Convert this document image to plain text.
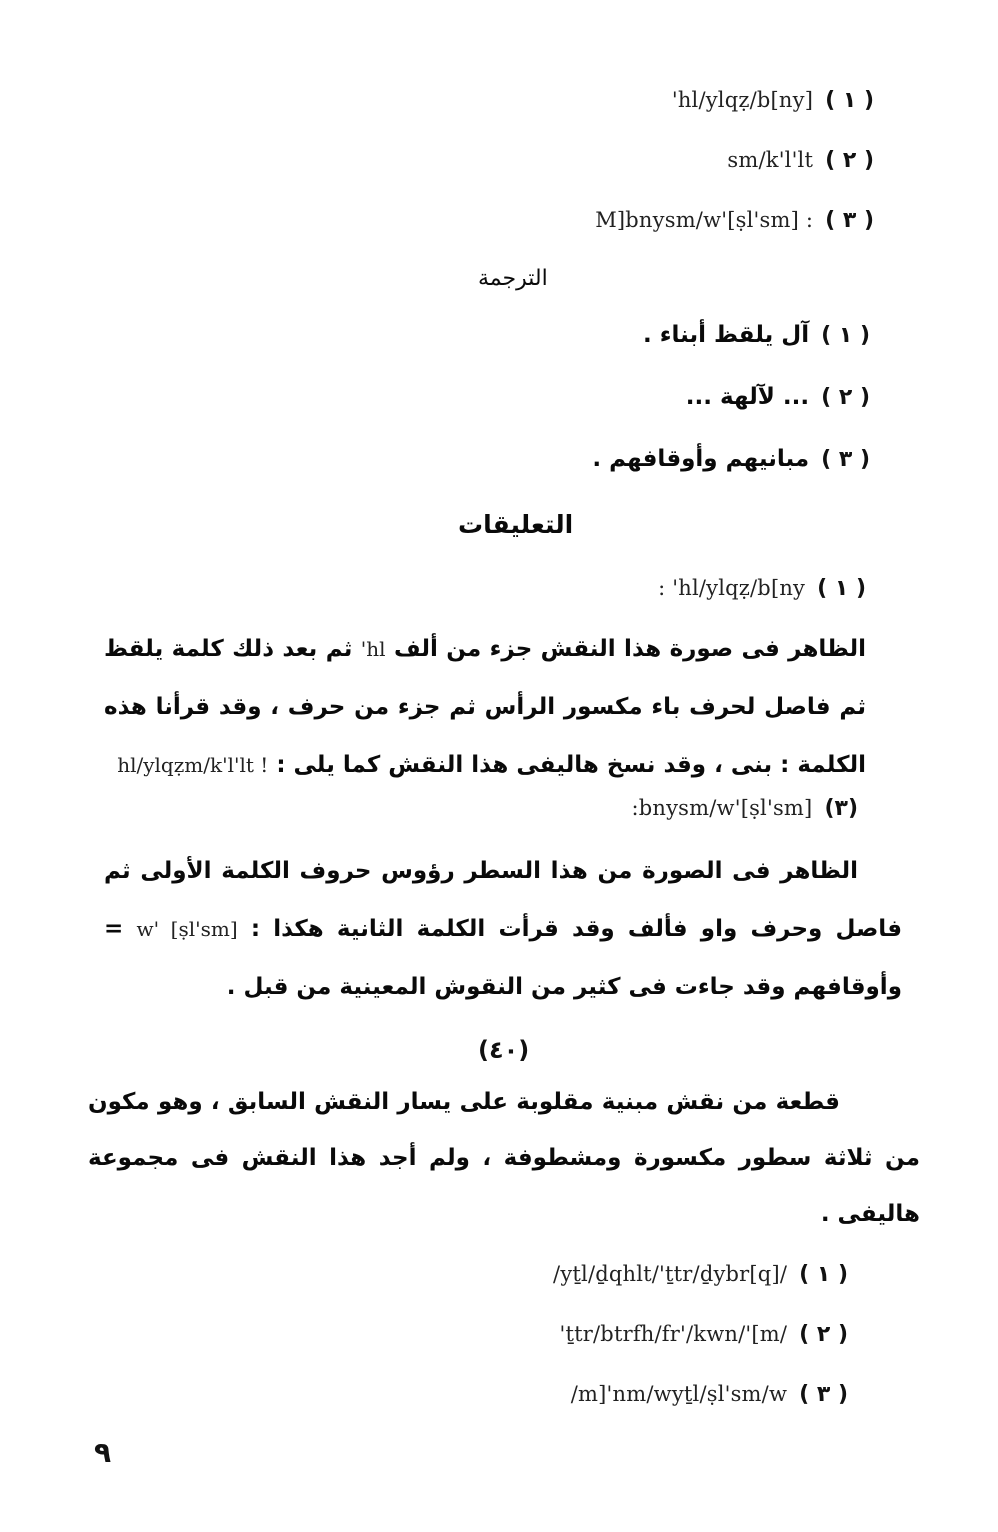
( ١ )
'hl/ylqẓ/b[ny]
( ٢ )
sm/k'l'lt
( ٣ )
M]bnysm/w'[ṣl'sm] :
الترجمة
( ١ )
آل يلقظ أبناء .
( ٢ )
... لآلهة ...
( ٣ )
مبانيهم وأوقافهم .
التعليقات
( ١ )
: 'hl/ylqẓ/b[ny
الظاهر فى صورة هذا النقش جزء من ألف 'hl ثم بعد ذلك كلمة يلقظ ثم فاصل لحرف باء مكسور الرأس ثم جزء من حرف ، وقد قرأنا هذه الكلمة : بنى ، وقد نسخ هاليفى هذا النقش كما يلى : hl/ylqẓm/k'l'lt !
(٣)
:bnysm/w'[ṣl'sm]
الظاهر فى الصورة من هذا السطر رؤوس حروف الكلمة الأولى ثم فاصل وحرف واو فألف وقد قرأت الكلمة الثانية هكذا : w' [ṣl'sm] = وأوقافهم وقد جاءت فى كثير من النقوش المعينية من قبل .
(٤٠)
قطعة من نقش مبنية مقلوبة على يسار النقش السابق ، وهو مكون من ثلاثة سطور مكسورة ومشطوفة ، ولم أجد هذا النقش فى مجموعة هاليفى .
( ١ )
/yṯl/ḏqhlt/'ṯtr/ḏybr[q]/
( ٢ )
'ṯtr/btrfh/fr'/kwn/'[m/
( ٣ )
/m]'nm/wyṯl/ṣl'sm/w
٩
